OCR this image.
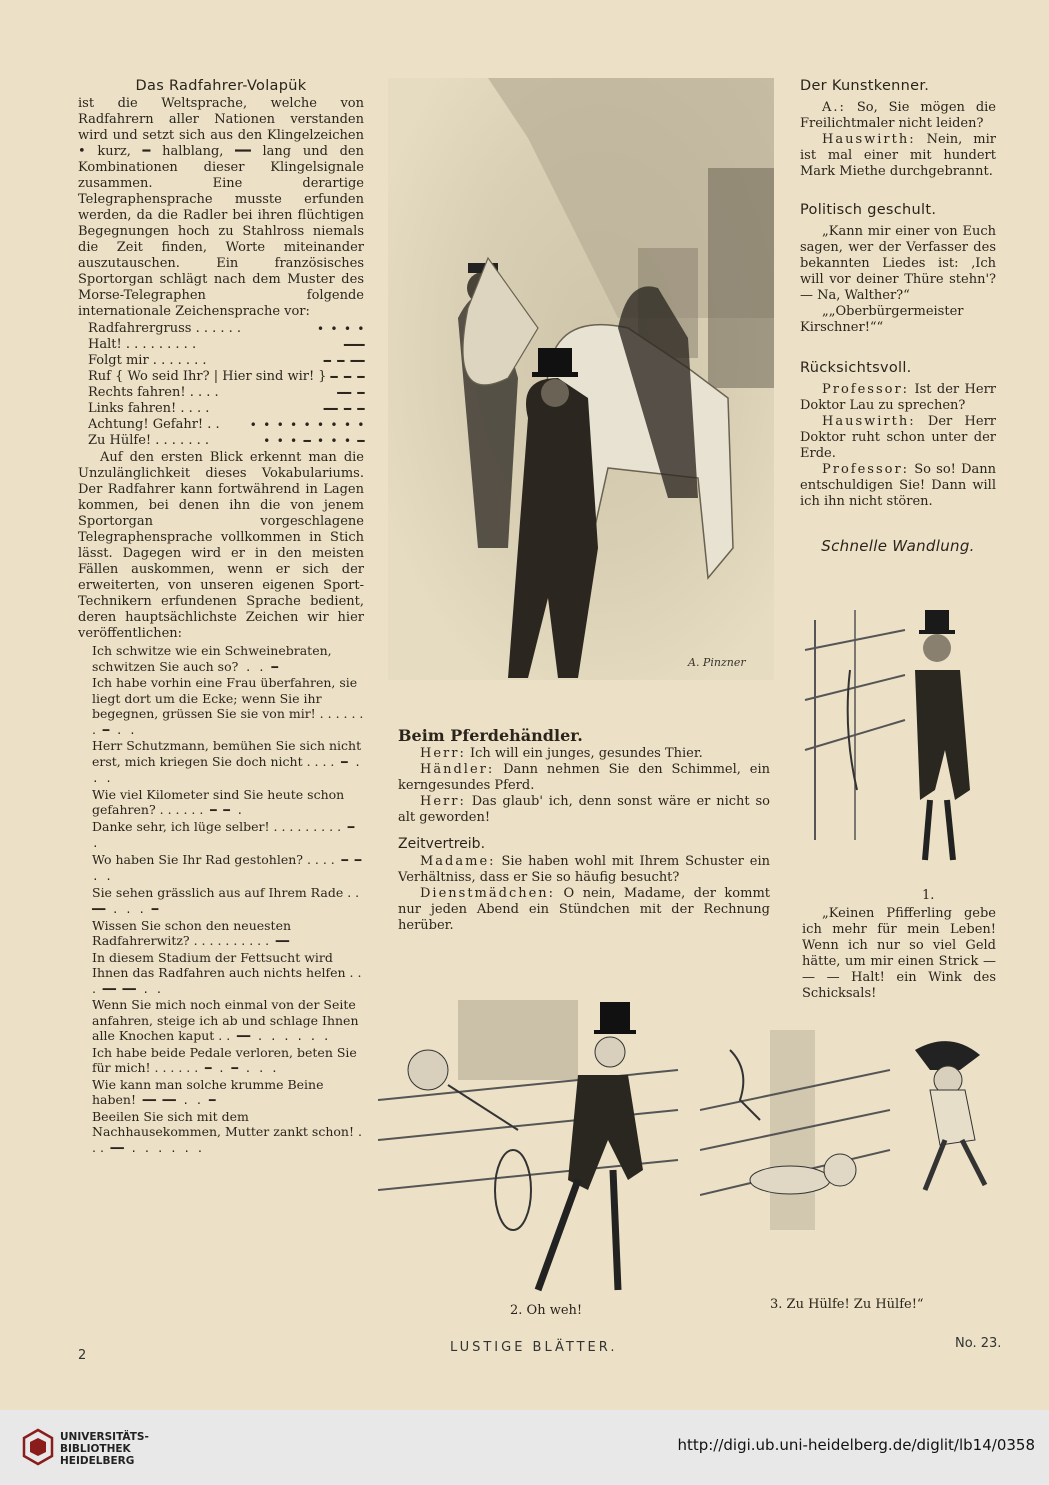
Das Radfahrer-Volapük

ist die Weltsprache, welche von Radfahrern aller Nationen verstanden wird und setzt sich aus den Klingelzeichen • kurz, ━ halblang, ━━ lang und den Kombinationen dieser Klingelsignale zusammen. Eine derartige Telegraphensprache musste erfunden werden, da die Radler bei ihren flüchtigen Begegnungen hoch zu Stahlross niemals die Zeit finden, Worte miteinander auszutauschen. Ein französisches Sportorgan schlägt nach dem Muster des Morse-Telegraphen folgende internationale Zeichensprache vor:

Radfahrergruss . . . . . .	• • • •
Halt! . . . . . . . . .	━━━
Folgt mir . . . . . . .	━ ━ ━━
Ruf { Wo seid Ihr? | Hier sind wir! } ━ ━ ━
Rechts fahren! . . . .	━━ ━
Links fahren! . . . .	━━ ━ ━
Achtung! Gefahr! . .	• • • • • • • • •
Zu Hülfe! . . . . . . .	• • • ━ • • • ━

Auf den ersten Blick erkennt man die Unzulänglichkeit dieses Vokabulariums. Der Radfahrer kann fortwährend in Lagen kommen, bei denen ihn die von jenem Sportorgan vorgeschlagene Telegraphensprache vollkommen in Stich lässt. Dagegen wird er in den meisten Fällen auskommen, wenn er sich der erweiterten, von unseren eigenen Sport-Technikern erfundenen Sprache bedient, deren hauptsächlichste Zeichen wir hier veröffentlichen:

Ich schwitze wie ein Schweinebraten, schwitzen Sie auch so? . . ━
Ich habe vorhin eine Frau überfahren, sie liegt dort um die Ecke; wenn Sie ihr begegnen, grüssen Sie sie von mir! . . . . . . . ━ . .
Herr Schutzmann, bemühen Sie sich nicht erst, mich kriegen Sie doch nicht . . . . ━ . . .
Wie viel Kilometer sind Sie heute schon gefahren? . . . . . . ━ ━ .
Danke sehr, ich lüge selber! . . . . . . . . . ━ .
Wo haben Sie Ihr Rad gestohlen? . . . . ━ ━ . .
Sie sehen grässlich aus auf Ihrem Rade . . ━━ . . . ━
Wissen Sie schon den neuesten Radfahrerwitz? . . . . . . . . . . ━━
In diesem Stadium der Fettsucht wird Ihnen das Radfahren auch nichts helfen . . . ━━ ━━ . .
Wenn Sie mich noch einmal von der Seite anfahren, steige ich ab und schlage Ihnen alle Knochen kaput . . ━━ . . . . . .
Ich habe beide Pedale verloren, beten Sie für mich! . . . . . . ━ . ━ . . .
Wie kann man solche krumme Beine haben! ━━ ━━ . . ━
Beeilen Sie sich mit dem Nachhausekommen, Mutter zankt schon! . . . ━━ . . . . . .
A. Pinzner
Beim Pferdehändler.

Herr: Ich will ein junges, gesundes Thier.

Händler: Dann nehmen Sie den Schimmel, ein kerngesundes Pferd.

Herr: Das glaub' ich, denn sonst wäre er nicht so alt geworden!

Zeitvertreib.

Madame: Sie haben wohl mit Ihrem Schuster ein Verhältniss, dass er Sie so häufig besucht?

Dienstmädchen: O nein, Madame, der kommt nur jeden Abend ein Stündchen mit der Rechnung herüber.

Der Kunstkenner.

A.: So, Sie mögen die Freilichtmaler nicht leiden?

Hauswirth: Nein, mir ist mal einer mit hundert Mark Miethe durchgebrannt.

Politisch geschult.

„Kann mir einer von Euch sagen, wer der Verfasser des bekannten Liedes ist: ‚Ich will vor deiner Thüre stehn'? — Na, Walther?“

„„Oberbürgermeister Kirschner!““

Rücksichtsvoll.

Professor: Ist der Herr Doktor Lau zu sprechen?

Hauswirth: Der Herr Doktor ruht schon unter der Erde.

Professor: So so! Dann entschuldigen Sie! Dann will ich ihn nicht stören.

Schnelle Wandlung.
1.

„Keinen Pfifferling gebe ich mehr für mein Leben! Wenn ich nur so viel Geld hätte, um mir einen Strick — — — Halt! ein Wink des Schicksals!

2. Oh weh!	3. Zu Hülfe! Zu Hülfe!“
2
LUSTIGE BLÄTTER.	No. 23.
UNIVERSITÄTS-
BIBLIOTHEK
HEIDELBERG
http://digi.ub.uni-heidelberg.de/diglit/lb14/0358
